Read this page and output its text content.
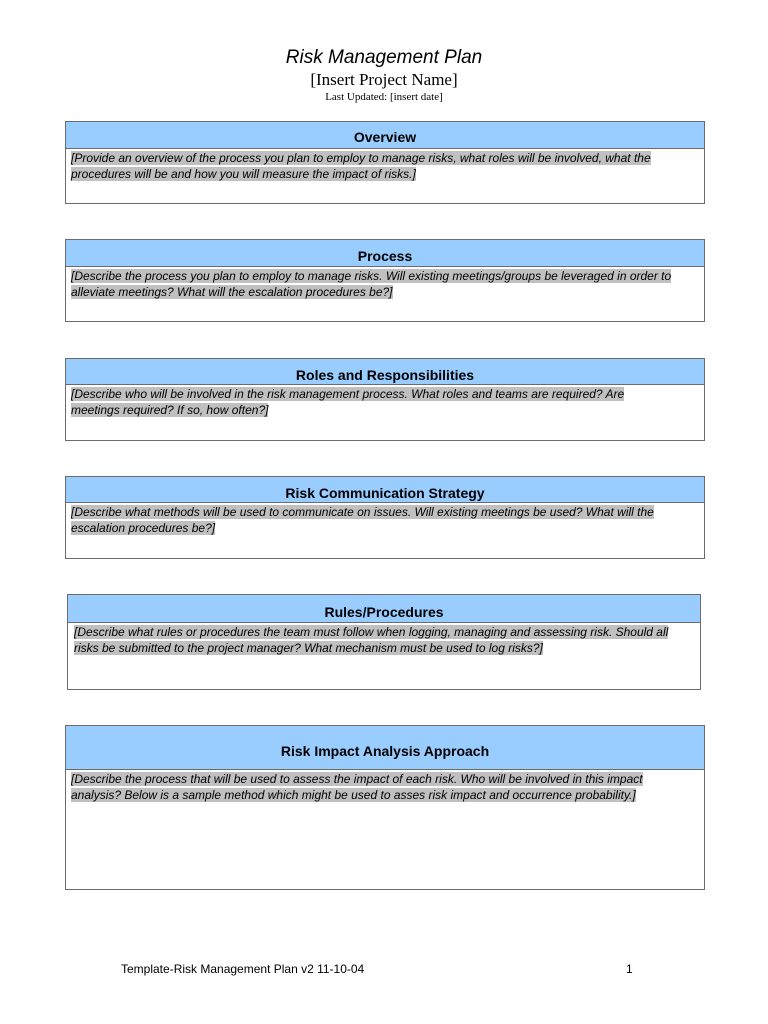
Risk Management Plan
[Insert Project Name]
Last Updated: [insert date]
Overview
[Provide an overview of the process you plan to employ to manage risks, what roles will be involved, what the procedures will be and how you will measure the impact of risks.]
Process
[Describe the process you plan to employ to manage risks. Will existing meetings/groups be leveraged in order to alleviate meetings? What will the escalation procedures be?]
Roles and Responsibilities
[Describe who will be involved in the risk management process. What roles and teams are required? Are meetings required? If so, how often?]
Risk Communication Strategy
[Describe what methods will be used to communicate on issues. Will existing meetings be used? What will the escalation procedures be?]
Rules/Procedures
[Describe what rules or procedures the team must follow when logging, managing and assessing risk. Should all risks be submitted to the project manager? What mechanism must be used to log risks?]
Risk Impact Analysis Approach
[Describe the process that will be used to assess the impact of each risk. Who will be involved in this impact analysis? Below is a sample method which might be used to asses risk impact and occurrence probability.]
Template-Risk Management Plan v2 11-10-04	1
